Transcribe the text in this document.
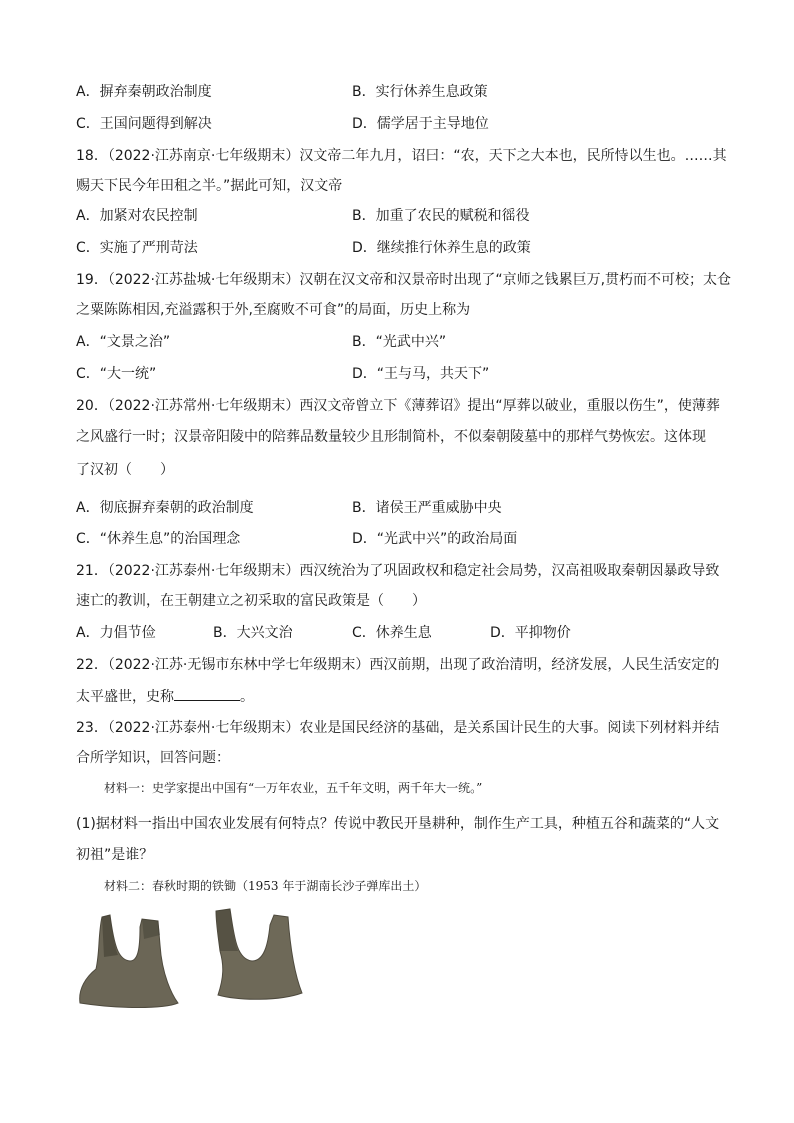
A．摒弃秦朝政治制度	B．实行休养生息政策
C．王国问题得到解决	D．儒学居于主导地位
18．（2022·江苏南京·七年级期末）汉文帝二年九月，诏曰：“农，天下之大本也，民所恃以生也。……其
赐天下民今年田租之半。”据此可知，汉文帝
A．加紧对农民控制	B．加重了农民的赋税和徭役
C．实施了严刑苛法	D．继续推行休养生息的政策
19．（2022·江苏盐城·七年级期末）汉朝在汉文帝和汉景帝时出现了“京师之钱累巨万,贯朽而不可校；太仓
之粟陈陈相因,充溢露积于外,至腐败不可食”的局面，历史上称为
A．“文景之治”	B．“光武中兴”
C．“大一统”	D．“王与马，共天下”
20．（2022·江苏常州·七年级期末）西汉文帝曾立下《薄葬诏》提出“厚葬以破业，重服以伤生”，使薄葬
之风盛行一时；汉景帝阳陵中的陪葬品数量较少且形制简朴，不似秦朝陵墓中的那样气势恢宏。这体现
了汉初（　　）
A．彻底摒弃秦朝的政治制度	B．诸侯王严重威胁中央
C．“休养生息”的治国理念	D．“光武中兴”的政治局面
21．（2022·江苏泰州·七年级期末）西汉统治为了巩固政权和稳定社会局势，汉高祖吸取秦朝因暴政导致
速亡的教训，在王朝建立之初采取的富民政策是（　　）
A．力倡节俭	B．大兴文治	C．休养生息	D．平抑物价
22．（2022·江苏·无锡市东林中学七年级期末）西汉前期，出现了政治清明，经济发展，人民生活安定的
太平盛世，史称	。
23．（2022·江苏泰州·七年级期末）农业是国民经济的基础，是关系国计民生的大事。阅读下列材料并结
合所学知识，回答问题：
材料一：史学家提出中国有“一万年农业，五千年文明，两千年大一统。”
(1)据材料一指出中国农业发展有何特点？传说中教民开垦耕种，制作生产工具，种植五谷和蔬菜的“人文
初祖”是谁？
材料二：春秋时期的铁锄（1953 年于湖南长沙子弹库出土）
